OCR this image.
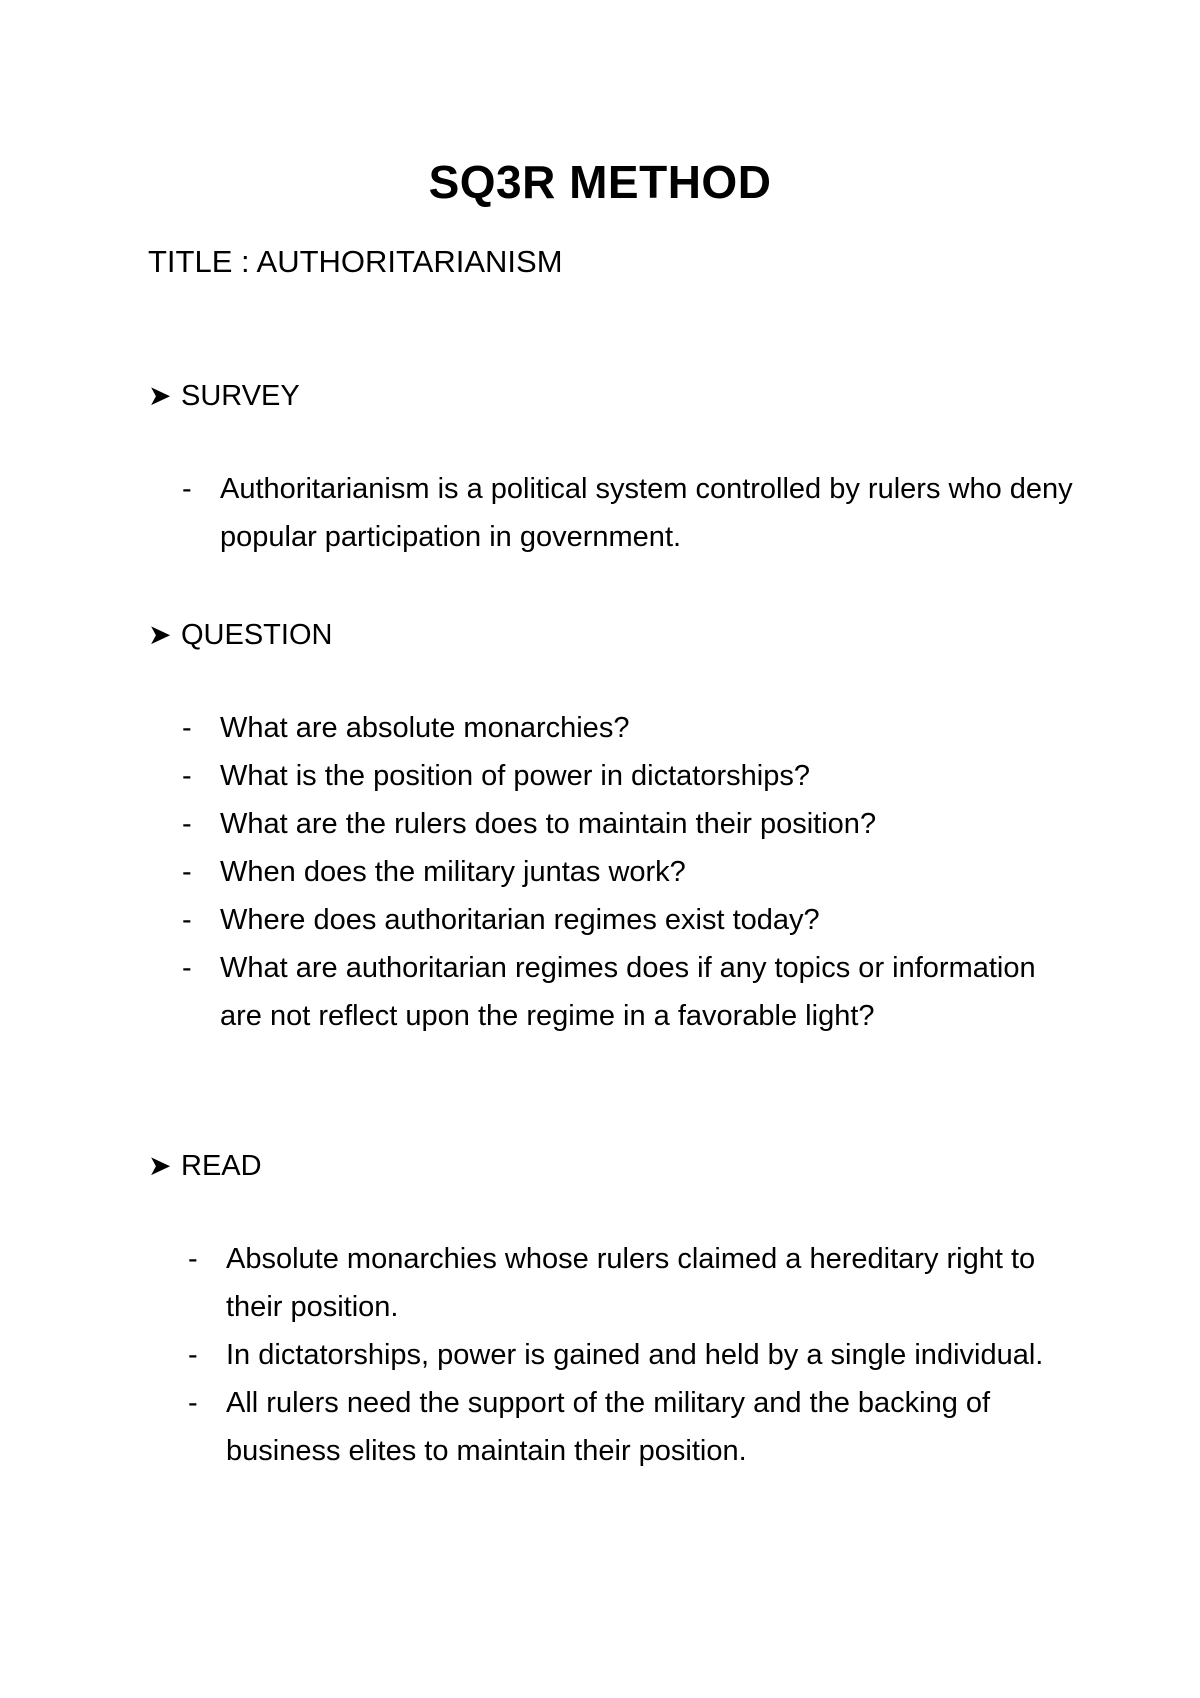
SQ3R METHOD
TITLE : AUTHORITARIANISM
➤ SURVEY
- Authoritarianism is a political system controlled by rulers who deny popular participation in government.
➤ QUESTION
- What are absolute monarchies?
- What is the position of power in dictatorships?
- What are the rulers does to maintain their position?
- When does the military juntas work?
- Where does authoritarian regimes exist today?
- What are authoritarian regimes does if any topics or information are not reflect upon the regime in a favorable light?
➤ READ
- Absolute monarchies whose rulers claimed a hereditary right to their position.
- In dictatorships, power is gained and held by a single individual.
- All rulers need the support of the military and the backing of business elites to maintain their position.
